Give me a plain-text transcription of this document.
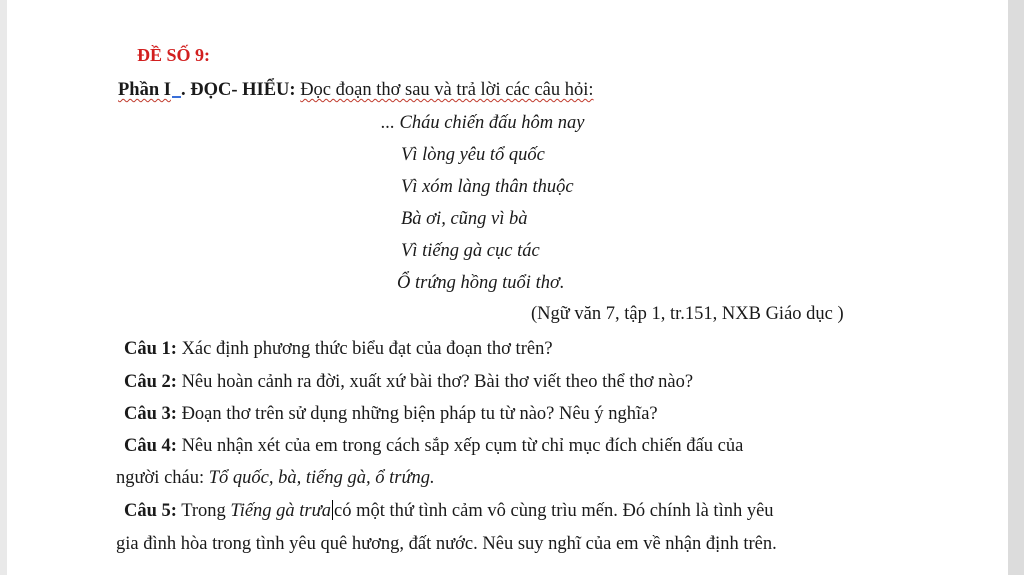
ĐỀ SỐ 9:
Phần I . ĐỌC- HIỂU: Đọc đoạn thơ sau và trả lời các câu hỏi:
... Cháu chiến đấu hôm nay
Vì lòng yêu tổ quốc
Vì xóm làng thân thuộc
Bà ơi, cũng vì bà
Vì tiếng gà cục tác
Ổ trứng hồng tuổi thơ.
(Ngữ văn 7, tập 1, tr.151, NXB Giáo dục )
Câu 1: Xác định phương thức biểu đạt của đoạn thơ trên?
Câu 2: Nêu hoàn cảnh ra đời, xuất xứ bài thơ? Bài thơ viết theo thể thơ nào?
Câu 3: Đoạn thơ trên sử dụng những biện pháp tu từ nào? Nêu ý nghĩa?
Câu 4: Nêu nhận xét của em trong cách sắp xếp cụm từ chỉ mục đích chiến đấu của
người cháu: Tổ quốc, bà, tiếng gà, ổ trứng.
Câu 5: Trong Tiếng gà trưa có một thứ tình cảm vô cùng trìu mến. Đó chính là tình yêu
gia đình hòa trong tình yêu quê hương, đất nước. Nêu suy nghĩ của em về nhận định trên.
